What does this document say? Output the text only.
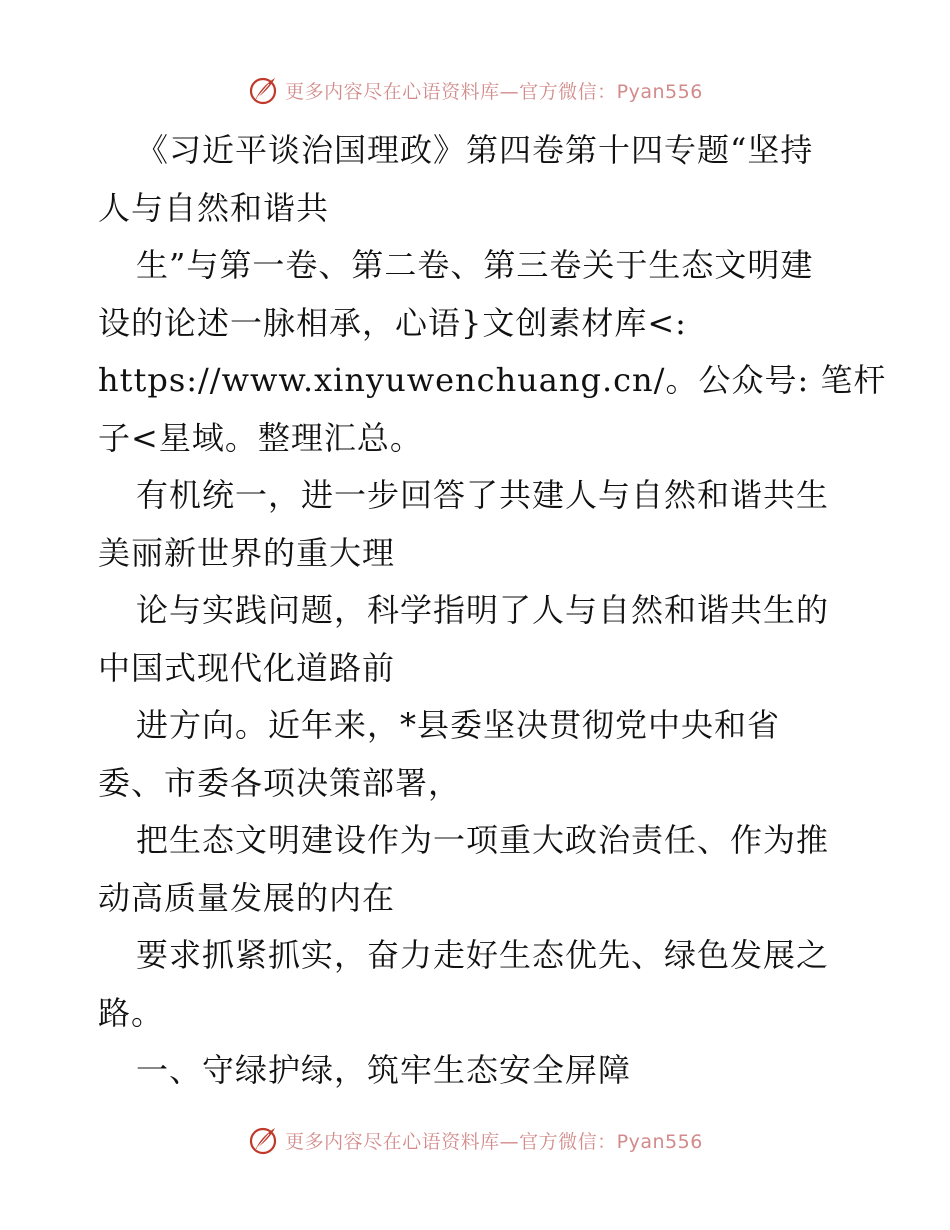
更多内容尽在心语资料库—官方微信：Pyan556
《习近平谈治国理政》第四卷第十四专题“坚持
人与自然和谐共
生”与第一卷、第二卷、第三卷关于生态文明建
设的论述一脉相承，心语}文创素材库<:
https://www.xinyuwenchuang.cn/。公众号: 笔杆
子<星域。整理汇总。
有机统一，进一步回答了共建人与自然和谐共生
美丽新世界的重大理
论与实践问题，科学指明了人与自然和谐共生的
中国式现代化道路前
进方向。近年来，*县委坚决贯彻党中央和省
委、市委各项决策部署，
把生态文明建设作为一项重大政治责任、作为推
动高质量发展的内在
要求抓紧抓实，奋力走好生态优先、绿色发展之
路。
一、守绿护绿，筑牢生态安全屏障
更多内容尽在心语资料库—官方微信：Pyan556
